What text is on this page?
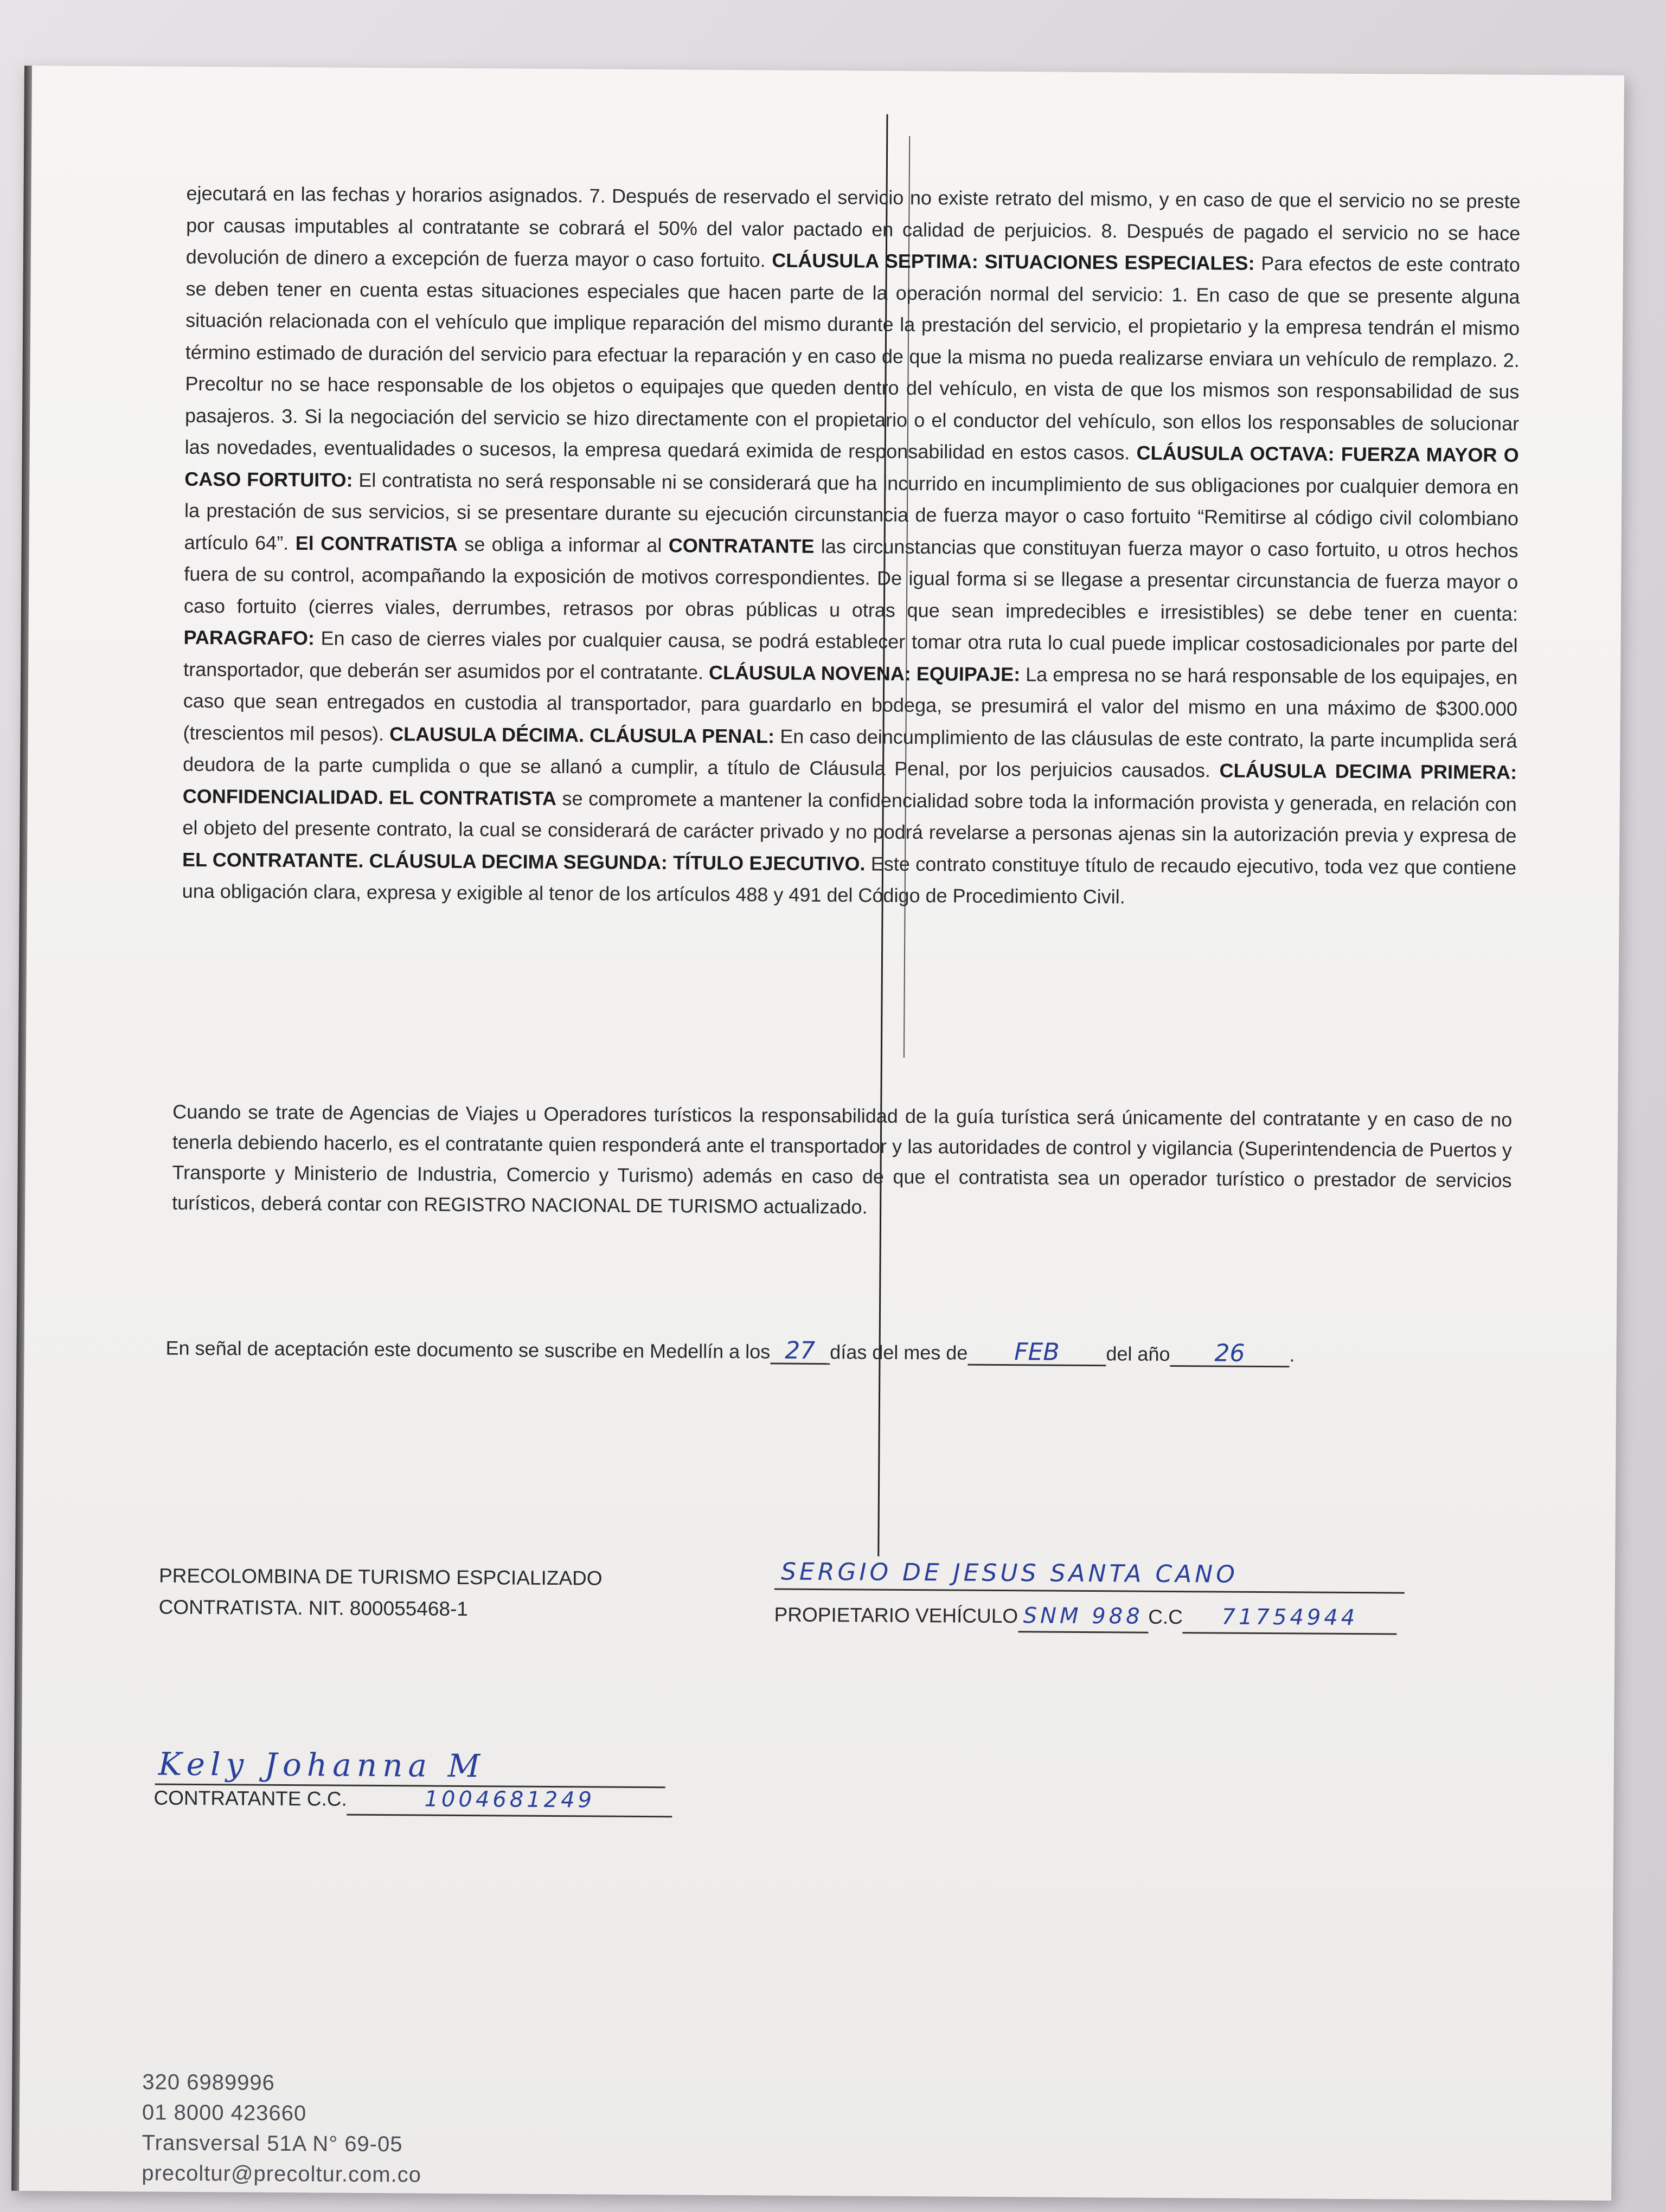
ejecutará en las fechas y horarios asignados. 7. Después de reservado el servicio no existe retrato del mismo, y en caso de que el servicio no se preste por causas imputables al contratante se cobrará el 50% del valor pactado en calidad de perjuicios. 8. Después de pagado el servicio no se hace devolución de dinero a excepción de fuerza mayor o caso fortuito. CLÁUSULA SEPTIMA: SITUACIONES ESPECIALES: Para efectos de este contrato se deben tener en cuenta estas situaciones especiales que hacen parte de la operación normal del servicio: 1. En caso de que se presente alguna situación relacionada con el vehículo que implique reparación del mismo durante la prestación del servicio, el propietario y la empresa tendrán el mismo término estimado de duración del servicio para efectuar la reparación y en caso de que la misma no pueda realizarse enviara un vehículo de remplazo. 2. Precoltur no se hace responsable de los objetos o equipajes que queden dentro del vehículo, en vista de que los mismos son responsabilidad de sus pasajeros. 3. Si la negociación del servicio se hizo directamente con el propietario o el conductor del vehículo, son ellos los responsables de solucionar las novedades, eventualidades o sucesos, la empresa quedará eximida de responsabilidad en estos casos. CLÁUSULA OCTAVA: FUERZA MAYOR O CASO FORTUITO: El contratista no será responsable ni se considerará que ha incurrido en incumplimiento de sus obligaciones por cualquier demora en la prestación de sus servicios, si se presentare durante su ejecución circunstancia de fuerza mayor o caso fortuito “Remitirse al código civil colombiano artículo 64”. El CONTRATISTA se obliga a informar al CONTRATANTE las circunstancias que constituyan fuerza mayor o caso fortuito, u otros hechos fuera de su control, acompañando la exposición de motivos correspondientes. De igual forma si se llegase a presentar circunstancia de fuerza mayor o caso fortuito (cierres viales, derrumbes, retrasos por obras públicas u otras que sean impredecibles e irresistibles) se debe tener en cuenta: PARAGRAFO: En caso de cierres viales por cualquier causa, se podrá establecer tomar otra ruta lo cual puede implicar costosadicionales por parte del transportador, que deberán ser asumidos por el contratante. CLÁUSULA NOVENA: EQUIPAJE: La empresa no se hará responsable de los equipajes, en caso que sean entregados en custodia al transportador, para guardarlo en bodega, se presumirá el valor del mismo en una máximo de $300.000 (trescientos mil pesos). CLAUSULA DÉCIMA. CLÁUSULA PENAL: En caso deincumplimiento de las cláusulas de este contrato, la parte incumplida será deudora de la parte cumplida o que se allanó a cumplir, a título de Cláusula Penal, por los perjuicios causados. CLÁUSULA DECIMA PRIMERA: CONFIDENCIALIDAD. EL CONTRATISTA se compromete a mantener la confidencialidad sobre toda la información provista y generada, en relación con el objeto del presente contrato, la cual se considerará de carácter privado y no podrá revelarse a personas ajenas sin la autorización previa y expresa de EL CONTRATANTE. CLÁUSULA DECIMA SEGUNDA: TÍTULO EJECUTIVO. Este contrato constituye título de recaudo ejecutivo, toda vez que contiene una obligación clara, expresa y exigible al tenor de los artículos 488 y 491 del Código de Procedimiento Civil.
Cuando se trate de Agencias de Viajes u Operadores turísticos la responsabilidad de la guía turística será únicamente del contratante y en caso de no tenerla debiendo hacerlo, es el contratante quien responderá ante el transportador y las autoridades de control y vigilancia (Superintendencia de Puertos y Transporte y Ministerio de Industria, Comercio y Turismo) además en caso de que el contratista sea un operador turístico o prestador de servicios turísticos, deberá contar con REGISTRO NACIONAL DE TURISMO actualizado.
En señal de aceptación este documento se suscribe en Medellín a los 27 días del mes de FEB del año 26 .
PRECOLOMBINA DE TURISMO ESPCIALIZADO
CONTRATISTA. NIT. 800055468-1
SERGIO DE JESUS SANTA CANO
PROPIETARIO VEHÍCULO SNM 988 C.C 71754944
Kely Johanna M
CONTRATANTE C.C.	1004681249
320 6989996
01 8000 423660
Transversal 51A N° 69-05
precoltur@precoltur.com.co
